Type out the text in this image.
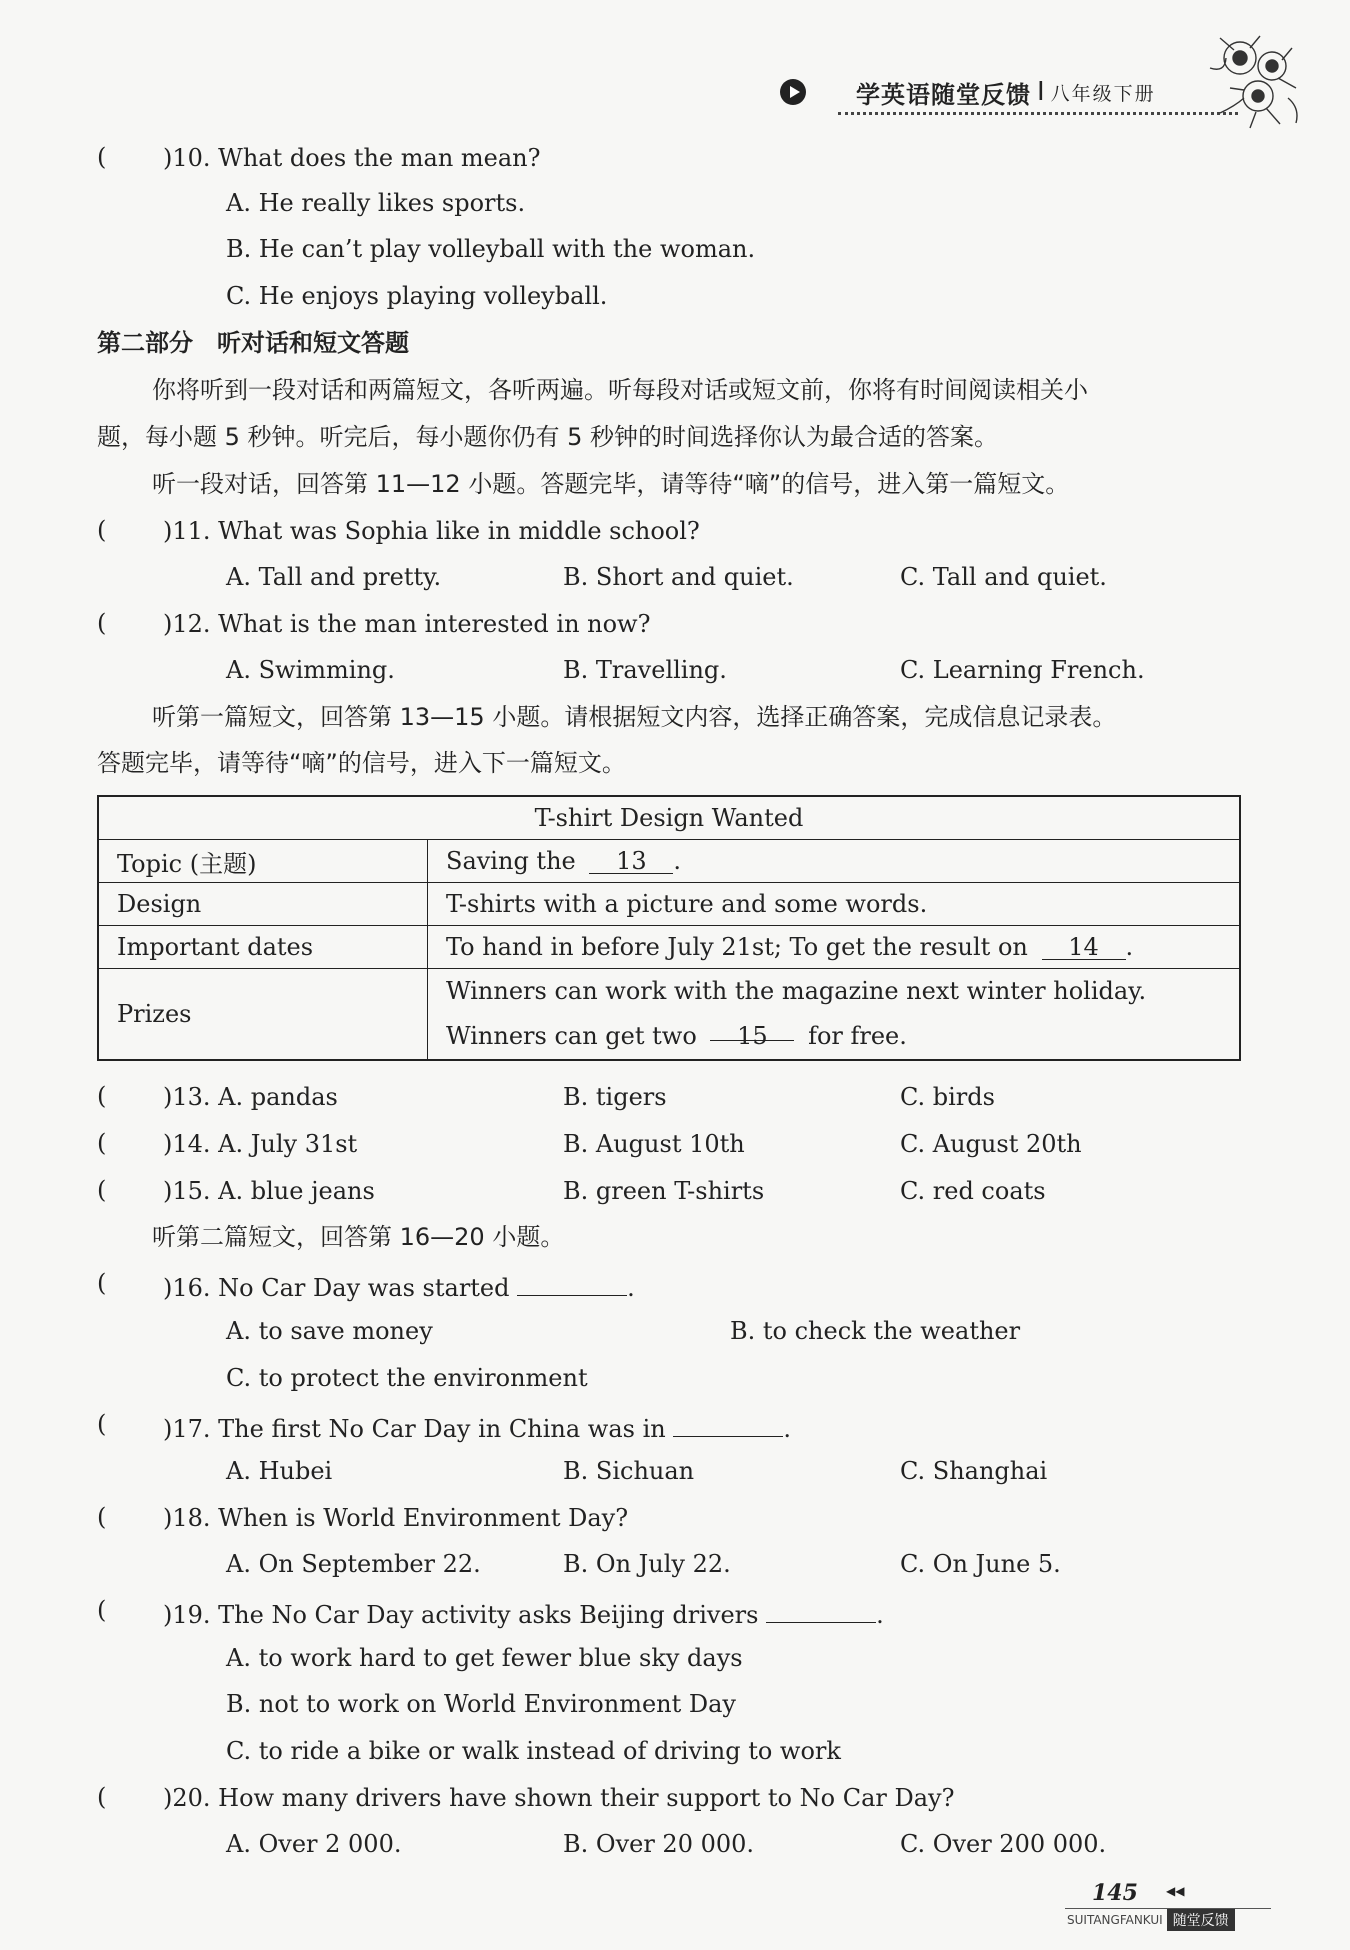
学英语随堂反馈 I 八年级下册
( )10. What does the man mean?
A. He really likes sports.
B. He can’t play volleyball with the woman.
C. He enjoys playing volleyball.
第二部分　听对话和短文答题
你将听到一段对话和两篇短文，各听两遍。听每段对话或短文前，你将有时间阅读相关小
题，每小题 5 秒钟。听完后，每小题你仍有 5 秒钟的时间选择你认为最合适的答案。
听一段对话，回答第 11—12 小题。答题完毕，请等待“嘀”的信号，进入第一篇短文。
( )11. What was Sophia like in middle school?
A. Tall and pretty.	B. Short and quiet.	C. Tall and quiet.
( )12. What is the man interested in now?
A. Swimming.	B. Travelling.	C. Learning French.
听第一篇短文，回答第 13—15 小题。请根据短文内容，选择正确答案，完成信息记录表。
答题完毕，请等待“嘀”的信号，进入下一篇短文。
T-shirt Design Wanted	
Topic (主题)	Saving the 13 .
Design	T-shirts with a picture and some words.
Important dates	To hand in before July 21st; To get the result on 14 .
Prizes	Winners can work with the magazine next winter holiday.
Winners can get two 15 for free.
( )13. A. pandas	B. tigers	C. birds
( )14. A. July 31st	B. August 10th	C. August 20th
( )15. A. blue jeans	B. green T-shirts	C. red coats
听第二篇短文，回答第 16—20 小题。
( )16. No Car Day was started	.
A. to save money	B. to check the weather
C. to protect the environment
( )17. The first No Car Day in China was in	.
A. Hubei	B. Sichuan	C. Shanghai
( )18. When is World Environment Day?
A. On September 22.	B. On July 22.	C. On June 5.
( )19. The No Car Day activity asks Beijing drivers	.
A. to work hard to get fewer blue sky days
B. not to work on World Environment Day
C. to ride a bike or walk instead of driving to work
( )20. How many drivers have shown their support to No Car Day?
A. Over 2 000.	B. Over 20 000.	C. Over 200 000.
145 ◀◀
SUITANGFANKUI 随堂反馈
